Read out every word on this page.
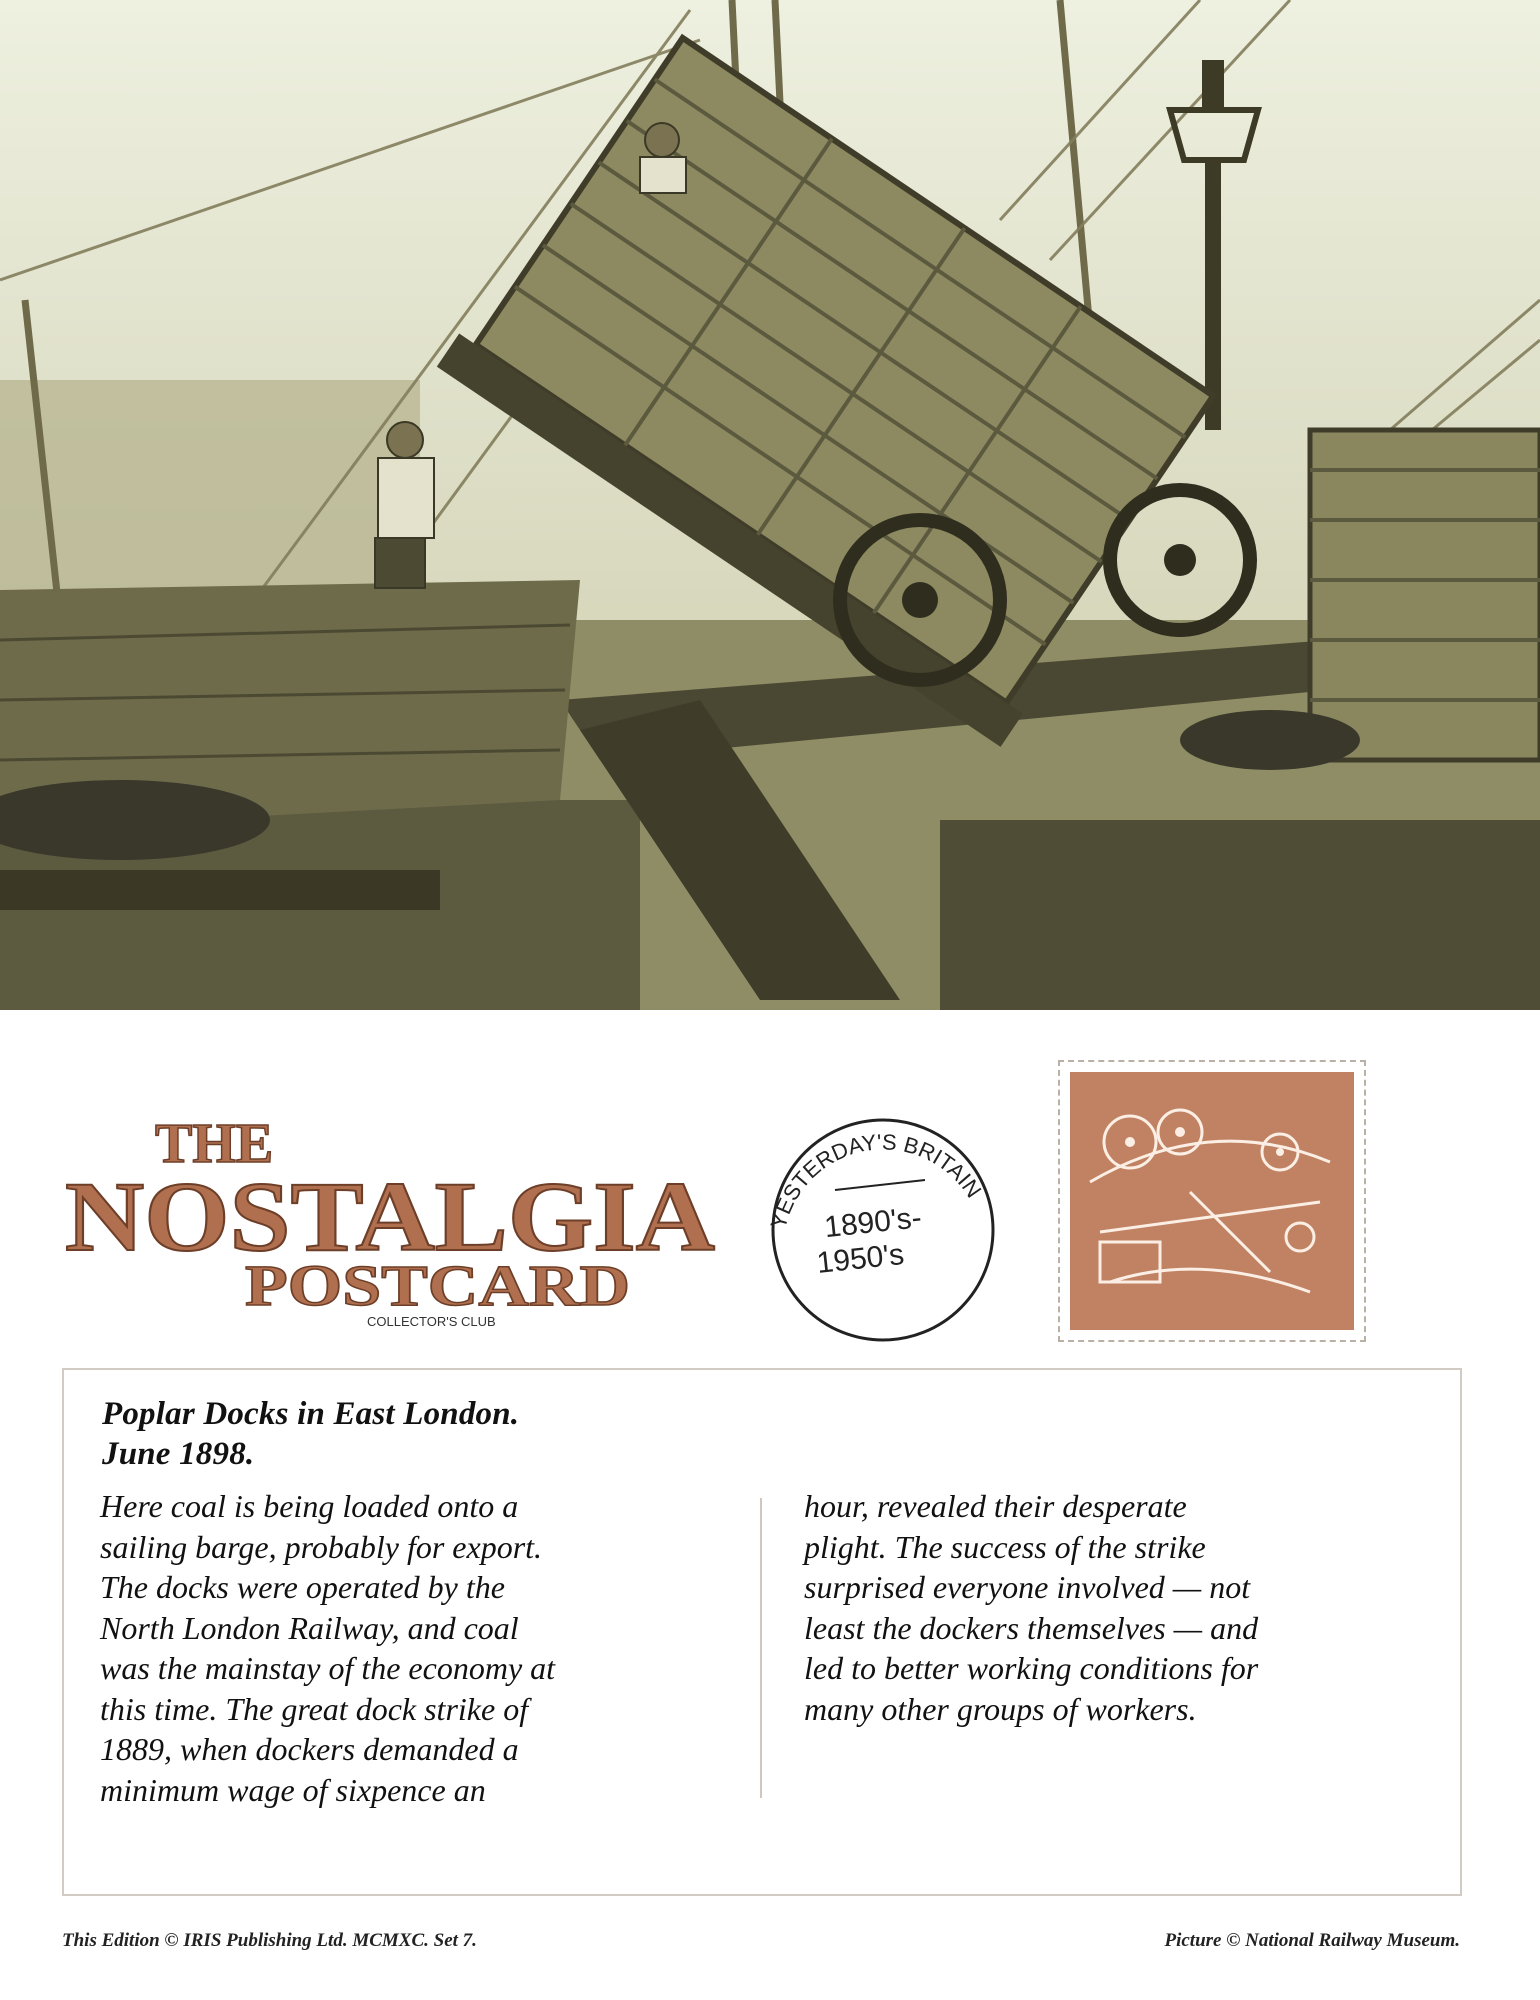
THE
NOSTALGIA
POSTCARD
COLLECTOR'S CLUB
YESTERDAY'S BRITAIN
1890's-
1950's
Poplar Docks in East London.
June 1898.
Here coal is being loaded onto a
sailing barge, probably for export.
The docks were operated by the
North London Railway, and coal
was the mainstay of the economy at
this time. The great dock strike of
1889, when dockers demanded a
minimum wage of sixpence an
hour, revealed their desperate
plight. The success of the strike
surprised everyone involved — not
least the dockers themselves — and
led to better working conditions for
many other groups of workers.
This Edition © IRIS Publishing Ltd. MCMXC. Set 7.	Picture © National Railway Museum.
